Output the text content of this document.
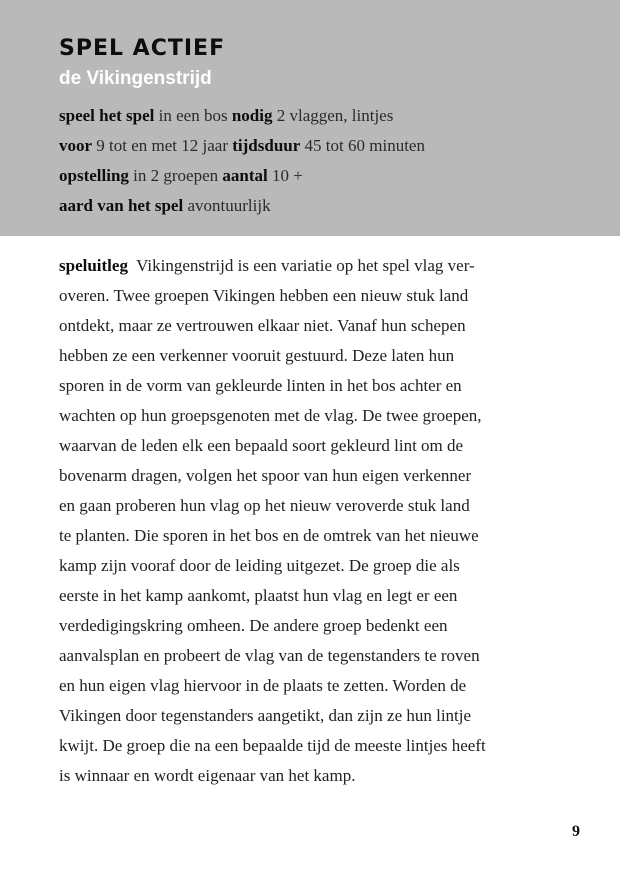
SPEL ACTIEF
de Vikingenstrijd
speel het spel in een bos nodig 2 vlaggen, lintjes
voor 9 tot en met 12 jaar tijdsduur 45 tot 60 minuten
opstelling in 2 groepen aantal 10 +
aard van het spel avontuurlijk
speluitleg Vikingenstrijd is een variatie op het spel vlag ver-
overen. Twee groepen Vikingen hebben een nieuw stuk land
ontdekt, maar ze vertrouwen elkaar niet. Vanaf hun schepen
hebben ze een verkenner vooruit gestuurd. Deze laten hun
sporen in de vorm van gekleurde linten in het bos achter en
wachten op hun groepsgenoten met de vlag. De twee groepen,
waarvan de leden elk een bepaald soort gekleurd lint om de
bovenarm dragen, volgen het spoor van hun eigen verkenner
en gaan proberen hun vlag op het nieuw veroverde stuk land
te planten. Die sporen in het bos en de omtrek van het nieuwe
kamp zijn vooraf door de leiding uitgezet. De groep die als
eerste in het kamp aankomt, plaatst hun vlag en legt er een
verdedigingskring omheen. De andere groep bedenkt een
aanvalsplan en probeert de vlag van de tegenstanders te roven
en hun eigen vlag hiervoor in de plaats te zetten. Worden de
Vikingen door tegenstanders aangetikt, dan zijn ze hun lintje
kwijt. De groep die na een bepaalde tijd de meeste lintjes heeft
is winnaar en wordt eigenaar van het kamp.
9
